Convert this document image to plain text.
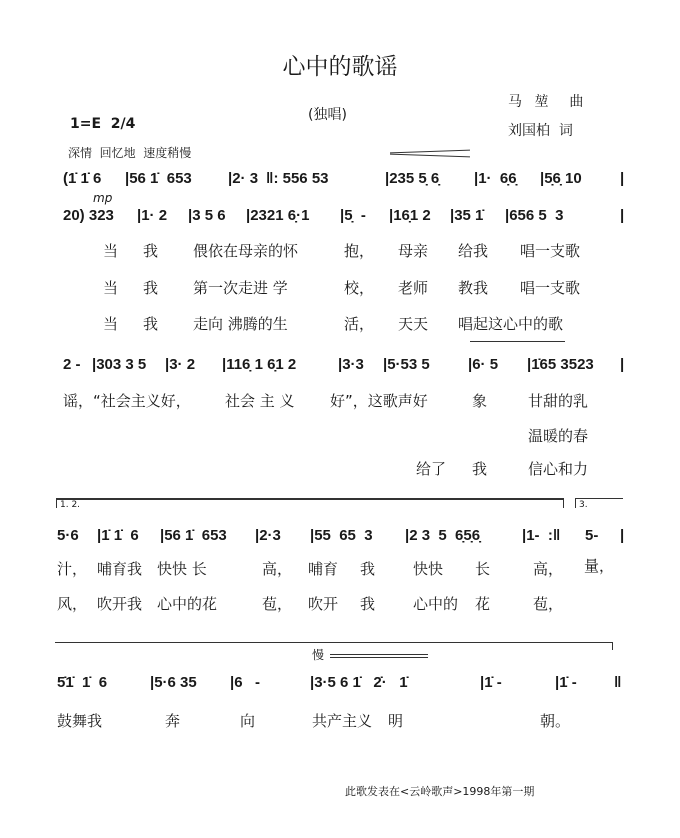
心中的歌谣
1=E  2/4
(独唱)
马 堃  曲
刘国柏  词
深情  回忆地  速度稍慢
(1̇ 1̇ 6 |56 1̇  653 |2· 3 ‖: 556 53	|235 5̣ 6̣ |1·  6̣6̣ |5̣6̣ 10	|
mp
20) 323 |1· 2 |3 5 6 |2321 6̣·1 |5̣  - |16̣1 2 |35 1̇ |656 5  3	|
当 我 偎依在母亲的怀	抱， 母亲 给我 唱一支歌
当 我 第一次走进 学	校， 老师 教我 唱一支歌
当 我 走向 沸腾的生	活， 天天 唱起这心中的歌
2 - |303 3 5 |3· 2 |116̣ 1 6̣1 2	|3·3 |5·53 5	|6· 5 |1̇65 3523 |
谣，“社会主义好， 社会 主 义 好”，这歌声好	象	甘甜的乳
温暖的春
给了 我	信心和力
1. 2.	3.
5·6 |1̇ 1̇  6 |56 1̇  653 |2·3 |55  65  3 |2 3  5  6̣5̣6̣	|1-  :‖ 5- |
汁， 哺育我 快快 长	高， 哺育 我	快快 长	高， 量，
风， 吹开我 心中的花	苞， 吹开 我	心中的 花	苞，
慢
5̇1̇  1̇  6	|5·6 35 |6   -	|3·5 6 1̇   2̇·   1̇	|1̇ -	|1̇ - ‖
鼓舞我	奔	向	共产主义 明	朝。
此歌发表在<云岭歌声>1998年第一期
